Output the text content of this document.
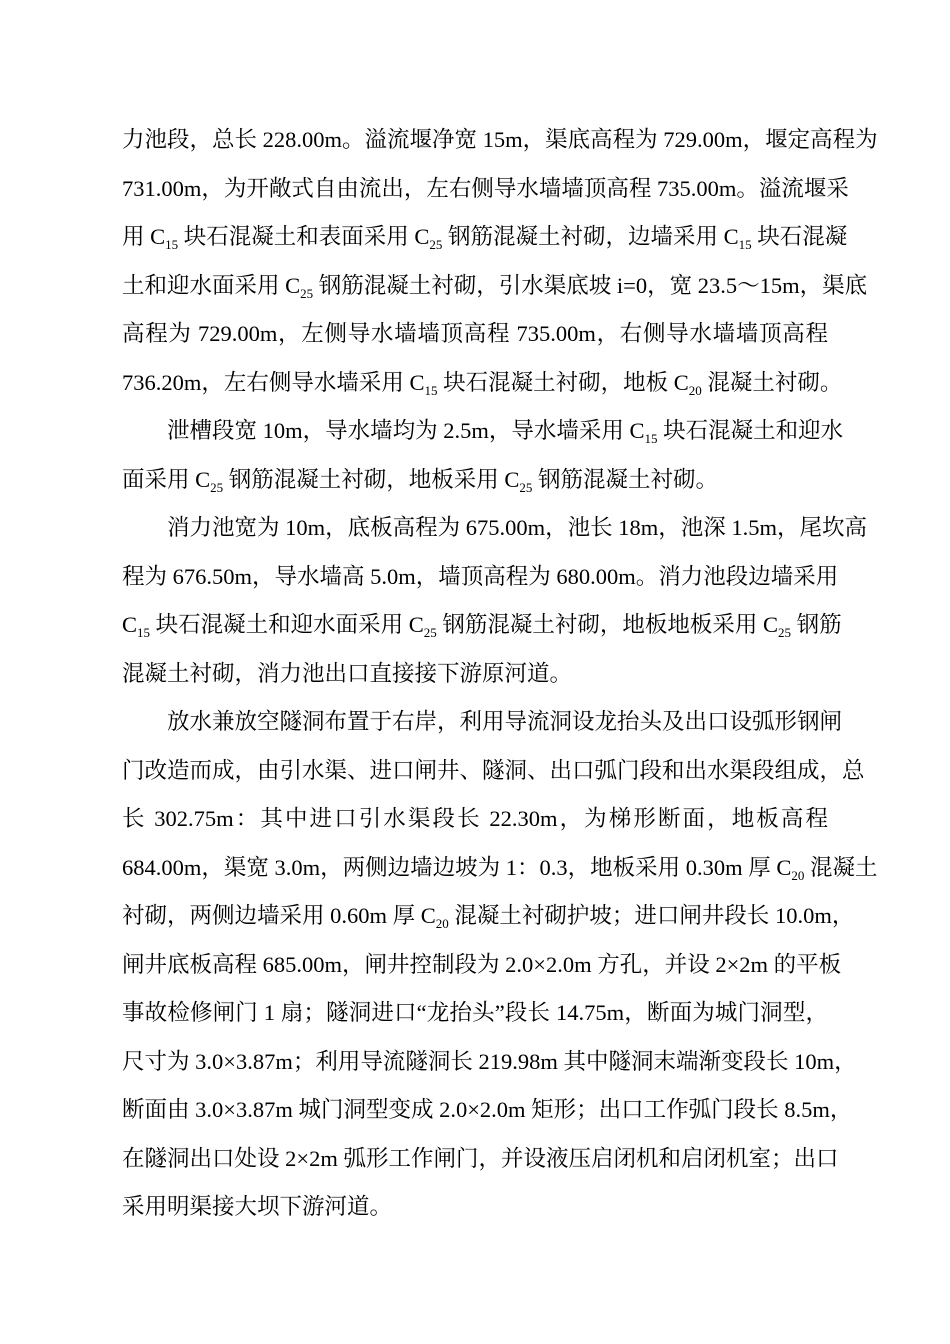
力池段，总长 228.00m。溢流堰净宽 15m，渠底高程为 729.00m，堰定高程为
731.00m，为开敞式自由流出，左右侧导水墙墙顶高程 735.00m。溢流堰采
用 $C_{15}$ 块石混凝土和表面采用 $C_{25}$ 钢筋混凝土衬砌，边墙采用 $C_{15}$ 块石混凝
土和迎水面采用 $C_{25}$ 钢筋混凝土衬砌，引水渠底坡 i=0，宽 23.5～15m，渠底
高程为 729.00m，左侧导水墙墙顶高程 735.00m，右侧导水墙墙顶高程
736.20m，左右侧导水墙采用 $C_{15}$ 块石混凝土衬砌，地板 $C_{20}$ 混凝土衬砌。
泄槽段宽 10m，导水墙均为 2.5m，导水墙采用 $C_{15}$ 块石混凝土和迎水
面采用 $C_{25}$ 钢筋混凝土衬砌，地板采用 $C_{25}$ 钢筋混凝土衬砌。
消力池宽为 10m，底板高程为 675.00m，池长 18m，池深 1.5m，尾坎高
程为 676.50m，导水墙高 5.0m，墙顶高程为 680.00m。消力池段边墙采用
$C_{15}$ 块石混凝土和迎水面采用 $C_{25}$ 钢筋混凝土衬砌，地板地板采用 $C_{25}$ 钢筋
混凝土衬砌，消力池出口直接接下游原河道。
放水兼放空隧洞布置于右岸，利用导流洞设龙抬头及出口设弧形钢闸
门改造而成，由引水渠、进口闸井、隧洞、出口弧门段和出水渠段组成，总
长 302.75m：其中进口引水渠段长 22.30m，为梯形断面，地板高程
684.00m，渠宽 3.0m，两侧边墙边坡为 1：0.3，地板采用 0.30m 厚 $C_{20}$ 混凝土
衬砌，两侧边墙采用 0.60m 厚 $C_{20}$ 混凝土衬砌护坡；进口闸井段长 10.0m，
闸井底板高程 685.00m，闸井控制段为 2.0×2.0m 方孔，并设 2×2m 的平板
事故检修闸门 1 扇；隧洞进口“龙抬头”段长 14.75m，断面为城门洞型，
尺寸为 3.0×3.87m；利用导流隧洞长 219.98m 其中隧洞末端渐变段长 10m，
断面由 3.0×3.87m 城门洞型变成 2.0×2.0m 矩形；出口工作弧门段长 8.5m，
在隧洞出口处设 2×2m 弧形工作闸门，并设液压启闭机和启闭机室；出口
采用明渠接大坝下游河道。
